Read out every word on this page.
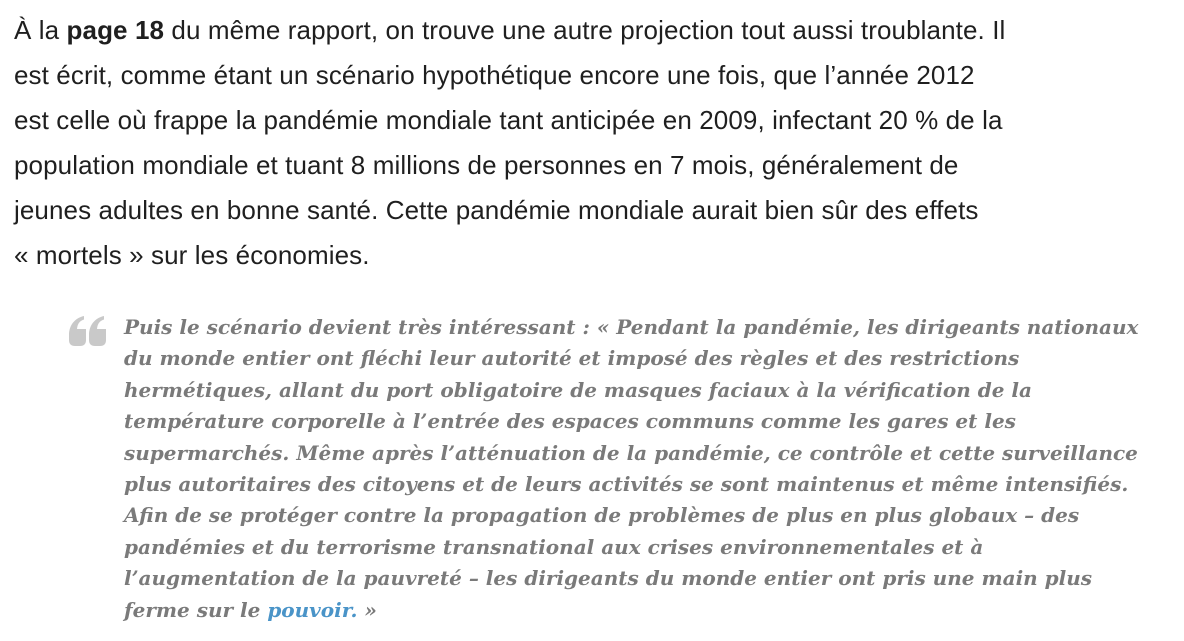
À la page 18 du même rapport, on trouve une autre projection tout aussi troublante. Il
est écrit, comme étant un scénario hypothétique encore une fois, que l’année 2012
est celle où frappe la pandémie mondiale tant anticipée en 2009, infectant 20 % de la
population mondiale et tuant 8 millions de personnes en 7 mois, généralement de
jeunes adultes en bonne santé. Cette pandémie mondiale aurait bien sûr des effets
« mortels » sur les économies.
Puis le scénario devient très intéressant : « Pendant la pandémie, les dirigeants nationaux
du monde entier ont fléchi leur autorité et imposé des règles et des restrictions
hermétiques, allant du port obligatoire de masques faciaux à la vérification de la
température corporelle à l’entrée des espaces communs comme les gares et les
supermarchés. Même après l’atténuation de la pandémie, ce contrôle et cette surveillance
plus autoritaires des citoyens et de leurs activités se sont maintenus et même intensifiés.
Afin de se protéger contre la propagation de problèmes de plus en plus globaux – des
pandémies et du terrorisme transnational aux crises environnementales et à
l’augmentation de la pauvreté – les dirigeants du monde entier ont pris une main plus
ferme sur le pouvoir. »
